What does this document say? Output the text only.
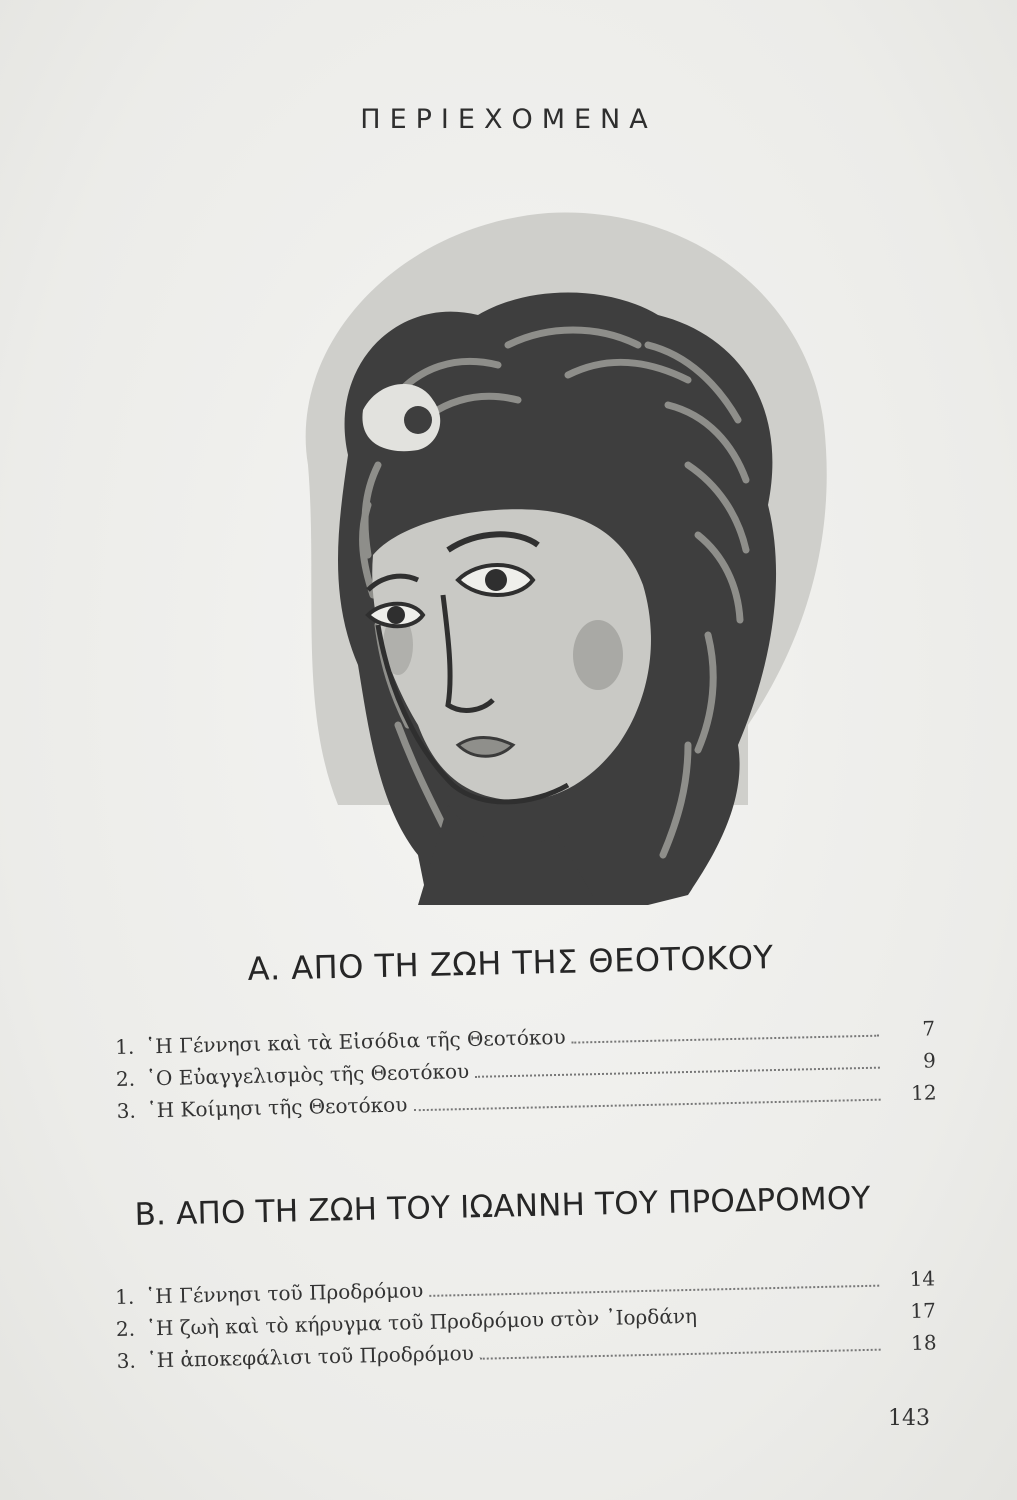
ΠΕΡΙΕΧΟΜΕΝΑ
Α. ΑΠΟ ΤΗ ΖΩΗ ΤΗΣ ΘΕΟΤΟΚΟΥ
1. ῾Η Γέννησι καὶ τὰ Εἰσόδια τῆς Θεοτόκου	7
2. ῾Ο Εὐαγγελισμὸς τῆς Θεοτόκου	9
3. ῾Η Κοίμησι τῆς Θεοτόκου	12
Β. ΑΠΟ ΤΗ ΖΩΗ ΤΟΥ ΙΩΑΝΝΗ ΤΟΥ ΠΡΟΔΡΟΜΟΥ
1. ῾Η Γέννησι τοῦ Προδρόμου	14
2. ῾Η ζωὴ καὶ τὸ κήρυγμα τοῦ Προδρόμου στὸν ᾿Ιορδάνη	17
3. ῾Η ἀποκεφάλισι τοῦ Προδρόμου	18
143
